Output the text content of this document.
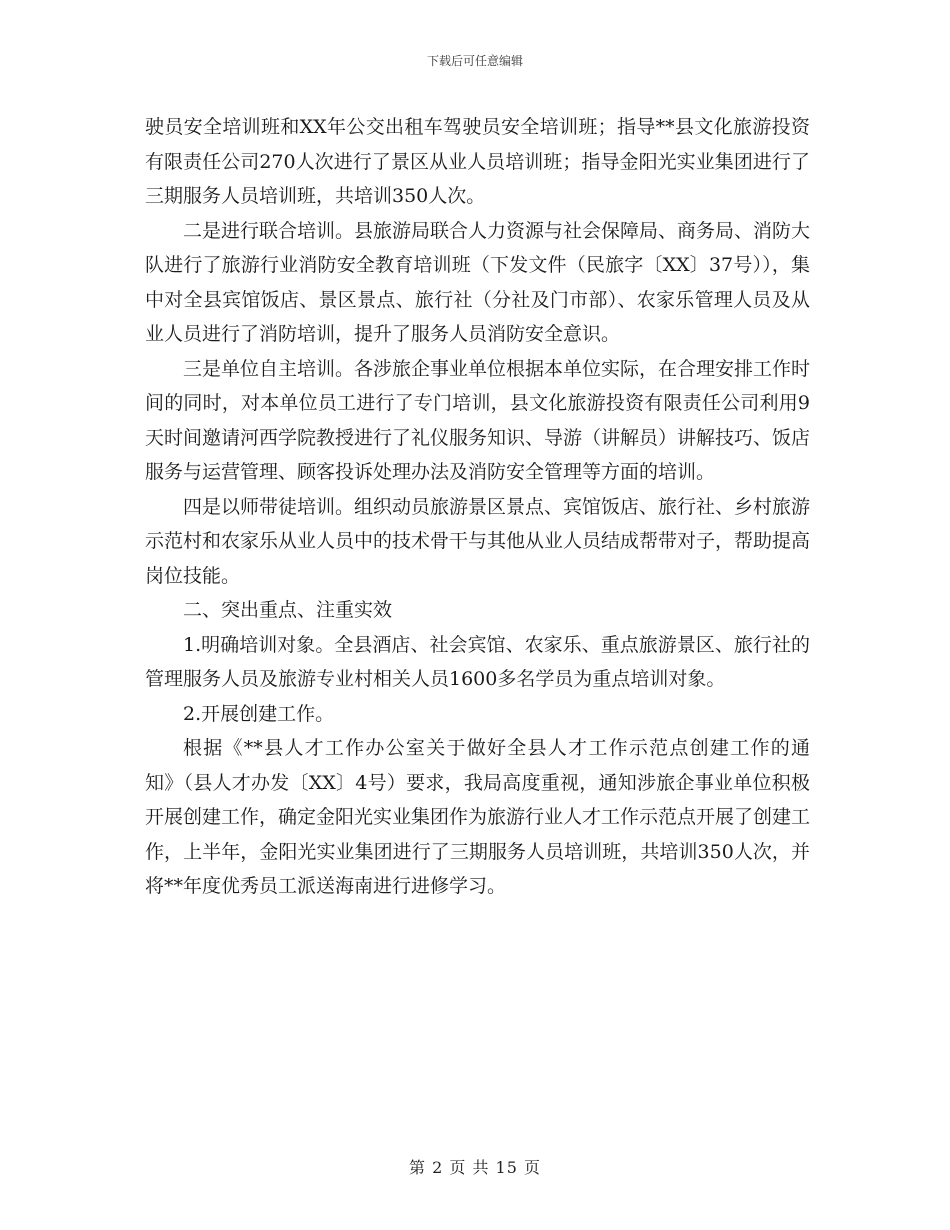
下载后可任意编辑

驶员安全培训班和XX年公交出租车驾驶员安全培训班；指导**县文化旅游投资有限责任公司270人次进行了景区从业人员培训班；指导金阳光实业集团进行了三期服务人员培训班，共培训350人次。

二是进行联合培训。县旅游局联合人力资源与社会保障局、商务局、消防大队进行了旅游行业消防安全教育培训班（下发文件（民旅字〔XX〕37号）），集中对全县宾馆饭店、景区景点、旅行社（分社及门市部）、农家乐管理人员及从业人员进行了消防培训，提升了服务人员消防安全意识。

三是单位自主培训。各涉旅企事业单位根据本单位实际，在合理安排工作时间的同时，对本单位员工进行了专门培训，县文化旅游投资有限责任公司利用9天时间邀请河西学院教授进行了礼仪服务知识、导游（讲解员）讲解技巧、饭店服务与运营管理、顾客投诉处理办法及消防安全管理等方面的培训。

四是以师带徒培训。组织动员旅游景区景点、宾馆饭店、旅行社、乡村旅游示范村和农家乐从业人员中的技术骨干与其他从业人员结成帮带对子，帮助提高岗位技能。

二、突出重点、注重实效

1.明确培训对象。全县酒店、社会宾馆、农家乐、重点旅游景区、旅行社的管理服务人员及旅游专业村相关人员1600多名学员为重点培训对象。

2.开展创建工作。

根据《**县人才工作办公室关于做好全县人才工作示范点创建工作的通知》（县人才办发〔XX〕4号）要求，我局高度重视，通知涉旅企事业单位积极开展创建工作，确定金阳光实业集团作为旅游行业人才工作示范点开展了创建工作，上半年，金阳光实业集团进行了三期服务人员培训班，共培训350人次，并将**年度优秀员工派送海南进行进修学习。

第 2 页 共 15 页
